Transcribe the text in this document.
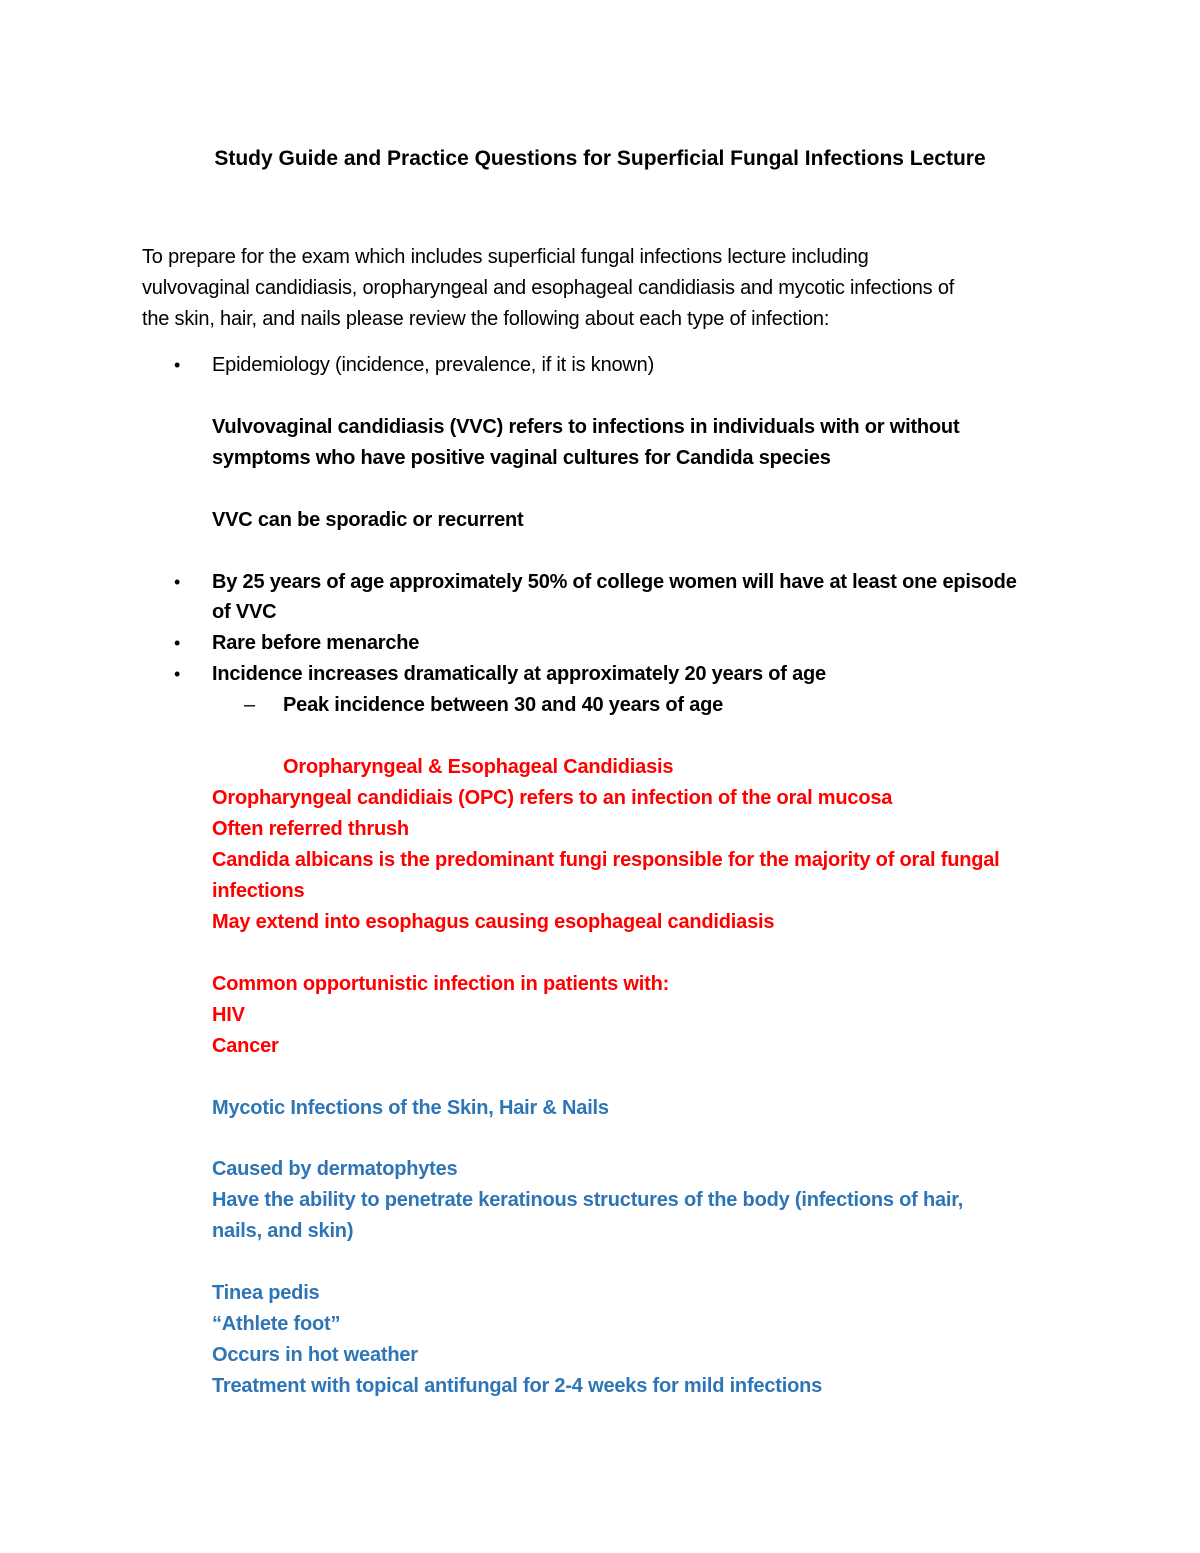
Study Guide and Practice Questions for Superficial Fungal Infections Lecture
To prepare for the exam which includes superficial fungal infections lecture including
vulvovaginal candidiasis, oropharyngeal and esophageal candidiasis and mycotic infections of
the skin, hair, and nails please review the following about each type of infection:
• Epidemiology (incidence, prevalence, if it is known)
Vulvovaginal candidiasis (VVC) refers to infections in individuals with or without
symptoms who have positive vaginal cultures for Candida species
VVC can be sporadic or recurrent
• By 25 years of age approximately 50% of college women will have at least one episode
of VVC
• Rare before menarche
• Incidence increases dramatically at approximately 20 years of age
– Peak incidence between 30 and 40 years of age
Oropharyngeal & Esophageal Candidiasis
Oropharyngeal candidiais (OPC) refers to an infection of the oral mucosa
Often referred thrush
Candida albicans is the predominant fungi responsible for the majority of oral fungal
infections
May extend into esophagus causing esophageal candidiasis
Common opportunistic infection in patients with:
HIV
Cancer
Mycotic Infections of the Skin, Hair & Nails
Caused by dermatophytes
Have the ability to penetrate keratinous structures of the body (infections of hair,
nails, and skin)
Tinea pedis
“Athlete foot”
Occurs in hot weather
Treatment with topical antifungal for 2-4 weeks for mild infections
